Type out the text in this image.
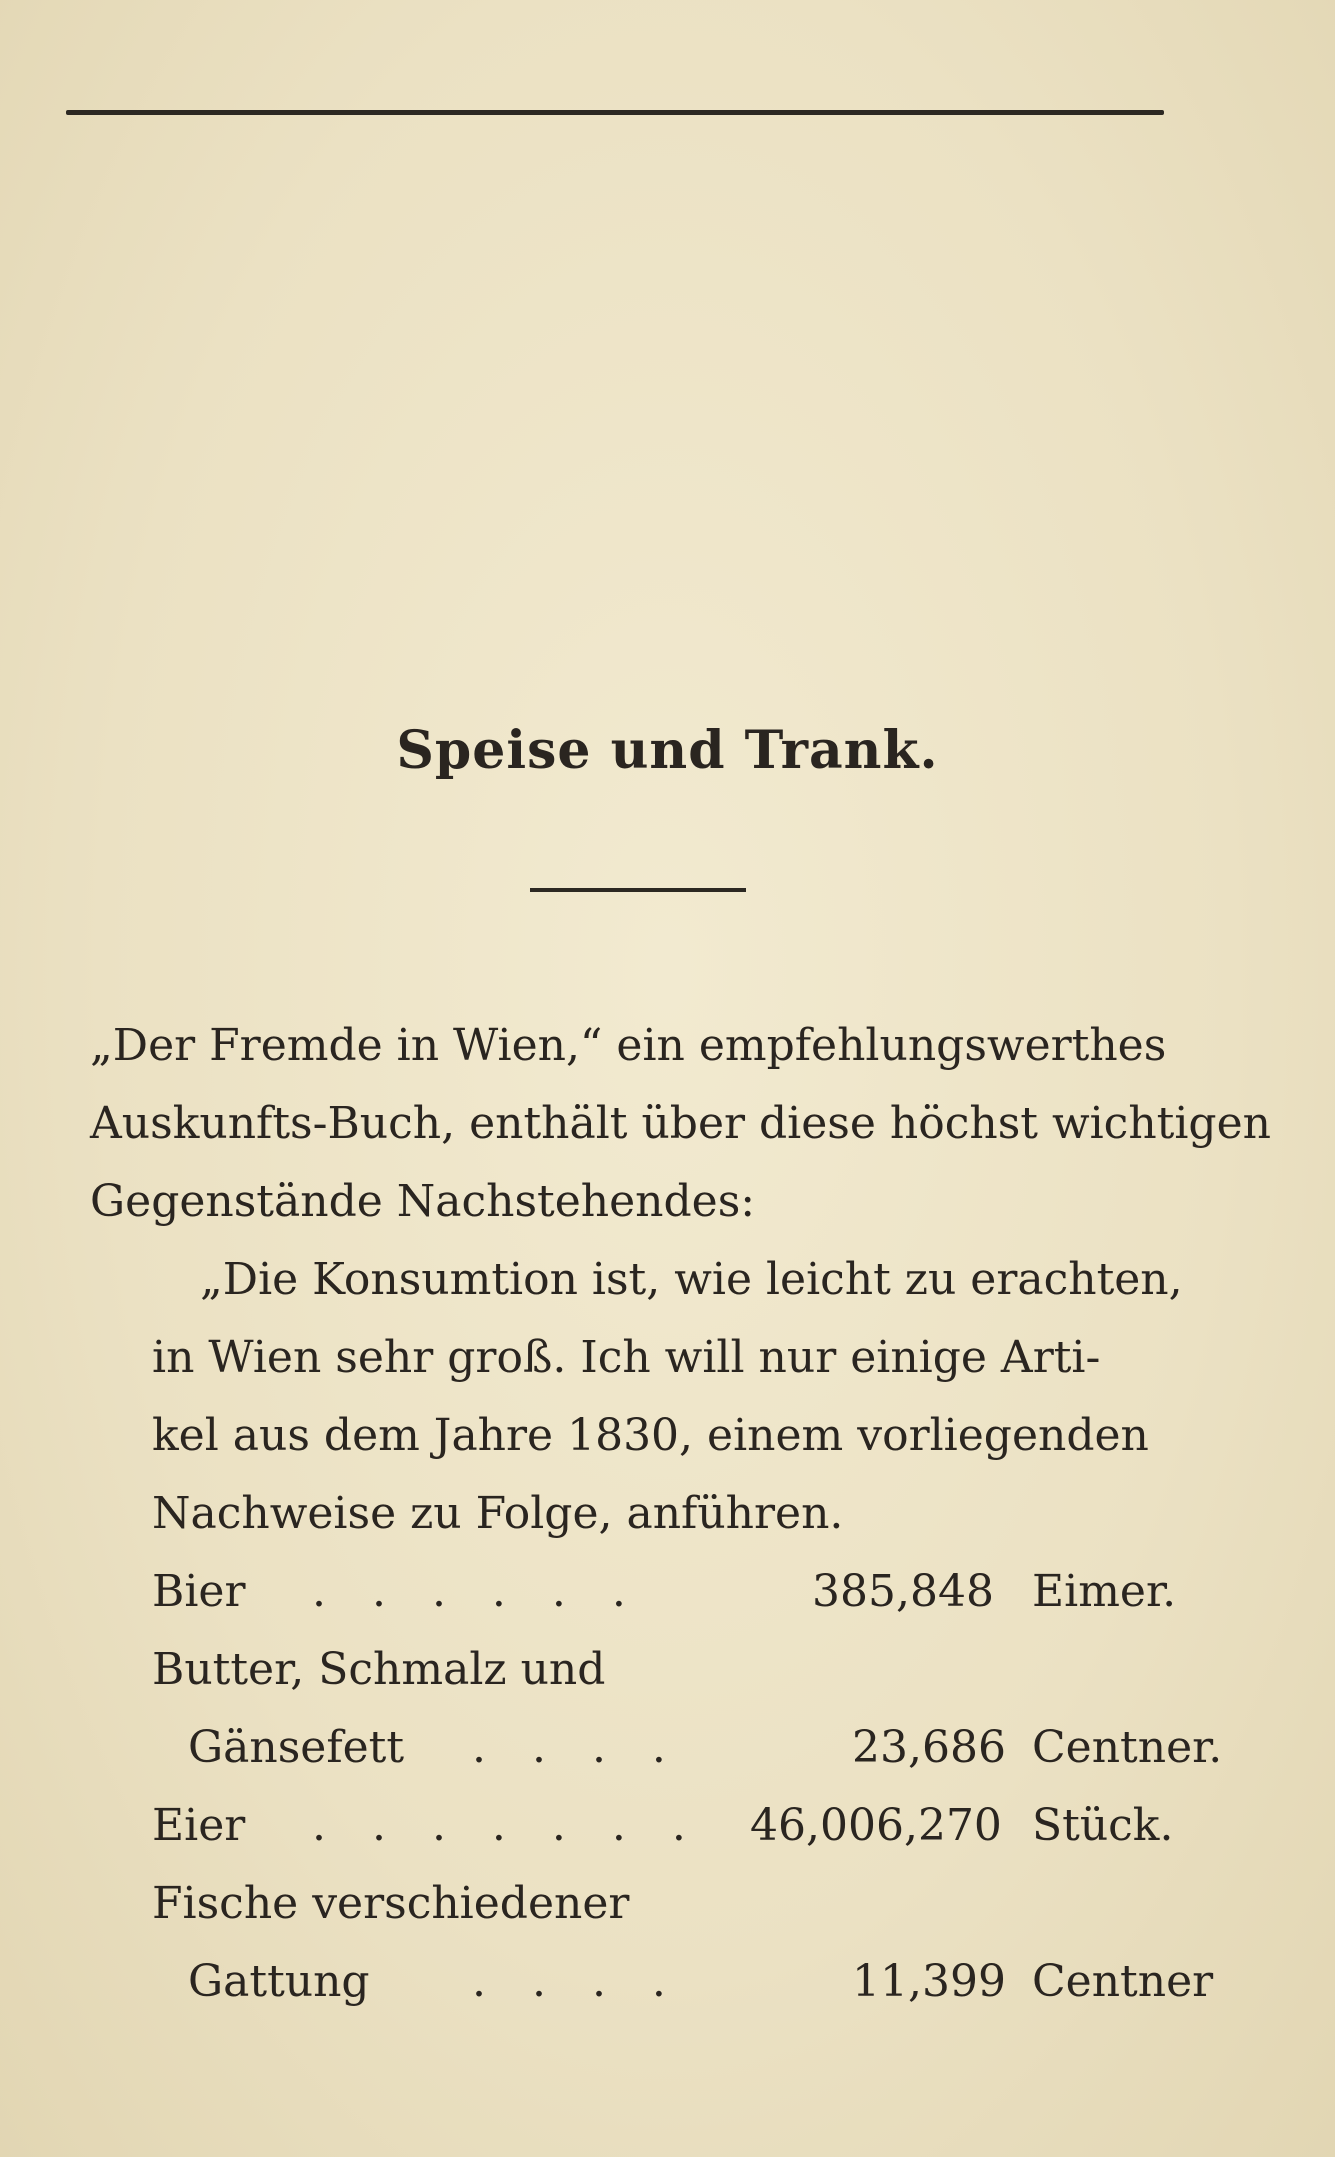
Speise und Trank.
„Der Fremde in Wien,“ ein empfehlungswerthes
Auskunfts-Buch, enthält über diese höchst wichtigen
Gegenstände Nachstehendes:
„Die Konsumtion ist, wie leicht zu erachten,
in Wien sehr groß. Ich will nur einige Arti-
kel aus dem Jahre 1830, einem vorliegenden
Nachweise zu Folge, anführen.
Bier . . . . . .	385,848 Eimer.
Butter, Schmalz und
Gänsefett . . . .	23,686 Centner.
Eier . . . . . . . 46,006,270 Stück.
Fische verschiedener
Gattung . . . .	11,399 Centner
